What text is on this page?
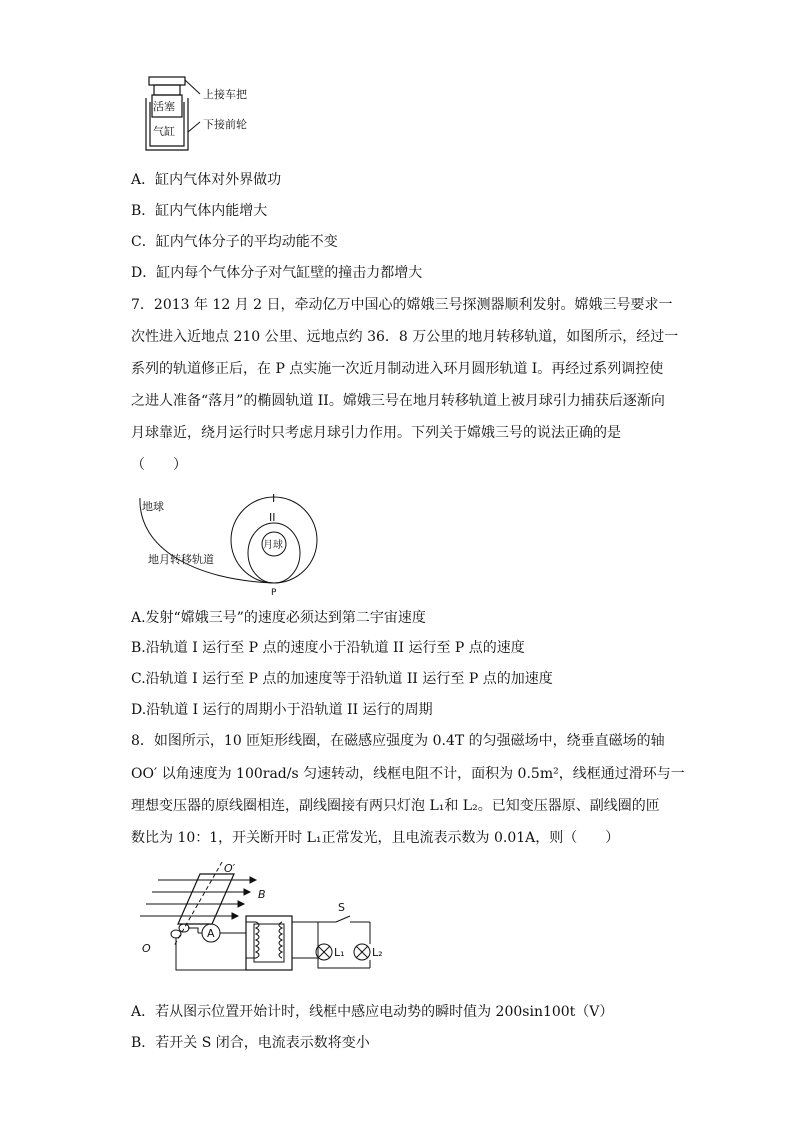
活塞
气缸
上接车把
下接前轮
A．缸内气体对外界做功
B．缸内气体内能增大
C．缸内气体分子的平均动能不变
D．缸内每个气体分子对气缸壁的撞击力都增大
7．2013 年 12 月 2 日，牵动亿万中国心的嫦娥三号探测器顺利发射。嫦娥三号要求一
次性进入近地点 210 公里、远地点约 36．8 万公里的地月转移轨道，如图所示，经过一
系列的轨道修正后，在 P 点实施一次近月制动进入环月圆形轨道 I。再经过系列调控使
之进人准备“落月”的椭圆轨道 II。嫦娥三号在地月转移轨道上被月球引力捕获后逐渐向
月球靠近，绕月运行时只考虑月球引力作用。下列关于嫦娥三号的说法正确的是
（　　）
地球
地月转移轨道
月球
I
II
P
A.发射“嫦娥三号”的速度必须达到第二宇宙速度
B.沿轨道 I 运行至 P 点的速度小于沿轨道 II 运行至 P 点的速度
C.沿轨道 I 运行至 P 点的加速度等于沿轨道 II 运行至 P 点的加速度
D.沿轨道 I 运行的周期小于沿轨道 II 运行的周期
8．如图所示，10 匝矩形线圈，在磁感应强度为 0.4T 的匀强磁场中，绕垂直磁场的轴
OO′ 以角速度为 100rad/s 匀速转动，线框电阻不计，面积为 0.5m²，线框通过滑环与一
理想变压器的原线圈相连，副线圈接有两只灯泡 L₁和 L₂。已知变压器原、副线圈的匝
数比为 10：1，开关断开时 L₁正常发光，且电流表示数为 0.01A，则（　　）
O′
B
O
A
S
L₁ L₂
A．若从图示位置开始计时，线框中感应电动势的瞬时值为 200sin100t（V）
B．若开关 S 闭合，电流表示数将变小
